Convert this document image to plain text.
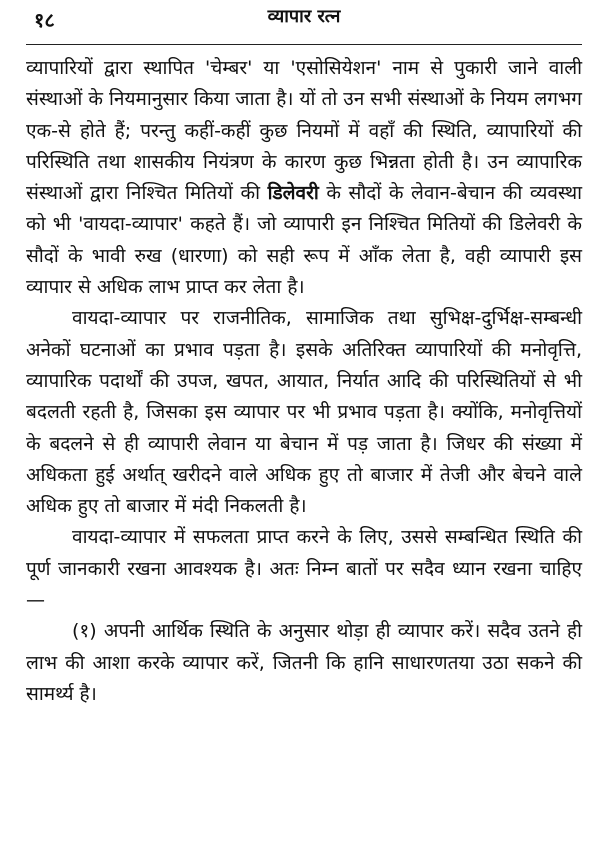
१८	व्यापार रत्न

व्यापारियों द्वारा स्थापित 'चेम्बर' या 'एसोसियेशन' नाम से पुकारी जाने वाली संस्थाओं के नियमानुसार किया जाता है। यों तो उन सभी संस्थाओं के नियम लगभग एक-से होते हैं; परन्तु कहीं-कहीं कुछ नियमों में वहाँ की स्थिति, व्यापारियों की परिस्थिति तथा शासकीय नियंत्रण के कारण कुछ भिन्नता होती है। उन व्यापारिक संस्थाओं द्वारा निश्चित मितियों की डिलेवरी के सौदों के लेवान-बेचान की व्यवस्था को भी 'वायदा-व्यापार' कहते हैं। जो व्यापारी इन निश्चित मितियों की डिलेवरी के सौदों के भावी रुख (धारणा) को सही रूप में आँक लेता है, वही व्यापारी इस व्यापार से अधिक लाभ प्राप्त कर लेता है।

वायदा-व्यापार पर राजनीतिक, सामाजिक तथा सुभिक्ष-दुर्भिक्ष-सम्बन्धी अनेकों घटनाओं का प्रभाव पड़ता है। इसके अतिरिक्त व्यापारियों की मनोवृत्ति, व्यापारिक पदार्थों की उपज, खपत, आयात, निर्यात आदि की परिस्थितियों से भी बदलती रहती है, जिसका इस व्यापार पर भी प्रभाव पड़ता है। क्योंकि, मनोवृत्तियों के बदलने से ही व्यापारी लेवान या बेचान में पड़ जाता है। जिधर की संख्या में अधिकता हुई अर्थात् खरीदने वाले अधिक हुए तो बाजार में तेजी और बेचने वाले अधिक हुए तो बाजार में मंदी निकलती है।

वायदा-व्यापार में सफलता प्राप्त करने के लिए, उससे सम्बन्धित स्थिति की पूर्ण जानकारी रखना आवश्यक है। अतः निम्न बातों पर सदैव ध्यान रखना चाहिए —

(१) अपनी आर्थिक स्थिति के अनुसार थोड़ा ही व्यापार करें। सदैव उतने ही लाभ की आशा करके व्यापार करें, जितनी कि हानि साधारणतया उठा सकने की सामर्थ्य है।
